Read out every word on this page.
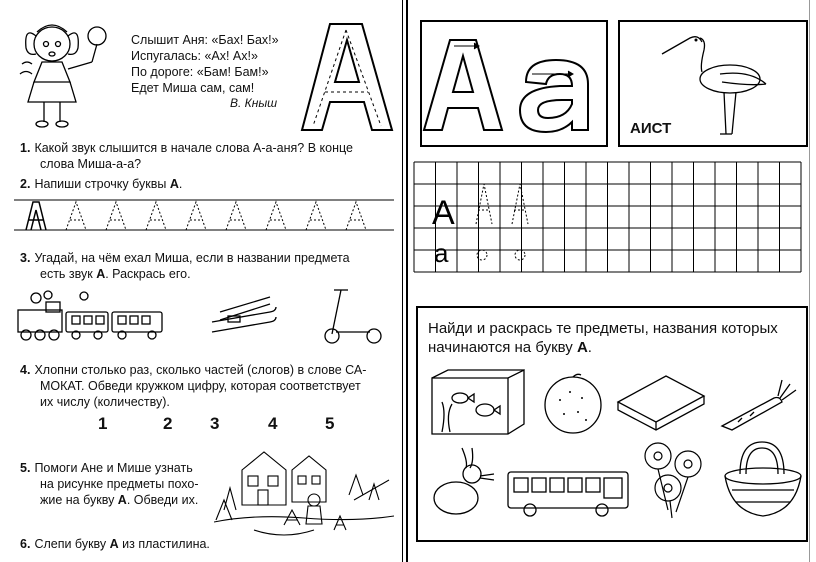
Слышит Аня: «Бах! Бах!»
Испугалась: «Ах! Ах!»
По дороге: «Бам! Бам!»
Едет Миша сам, сам!
В. Кныш
1. Какой звук слышится в начале слова А-а-аня? В конце
слова Миша-а-а?
2. Напиши строчку буквы А.
3. Угадай, на чём ехал Миша, если в названии предмета
есть звук А. Раскрась его.
4. Хлопни столько раз, сколько частей (слогов) в слове СА-
МОКАТ. Обведи кружком цифру, которая соответствует
их числу (количеству).
1	2 3	4	5
5. Помоги Ане и Мише узнать
на рисунке предметы похо-
жие на букву А. Обведи их.
6. Слепи букву А из пластилина.
АИСТ
A
a
Найди и раскрась те предметы, названия которых начинаются на букву А.
